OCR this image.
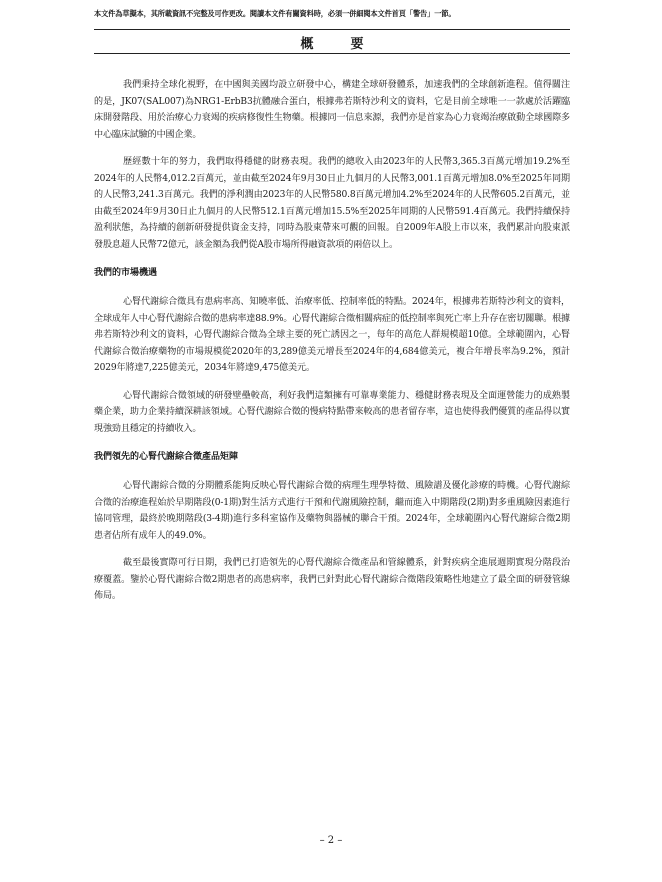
本文件為草擬本，其所載資訊不完整及可作更改。閱讀本文件有關資料時，必須一併細閱本文件首頁「警告」一節。
概　要

我們秉持全球化視野，在中國與美國均設立研發中心，構建全球研發體系，加速我們的全球創新進程。值得關注的是，JK07(SAL007)為NRG1-ErbB3抗體融合蛋白，根據弗若斯特沙利文的資料，它是目前全球唯一一款處於活躍臨床開發階段、用於治療心力衰竭的疾病修復性生物藥。根據同一信息來源，我們亦是首家為心力衰竭治療啟動全球國際多中心臨床試驗的中國企業。

歷經數十年的努力，我們取得穩健的財務表現。我們的總收入由2023年的人民幣3,365.3百萬元增加19.2%至2024年的人民幣4,012.2百萬元，並由截至2024年9月30日止九個月的人民幣3,001.1百萬元增加8.0%至2025年同期的人民幣3,241.3百萬元。我們的淨利潤由2023年的人民幣580.8百萬元增加4.2%至2024年的人民幣605.2百萬元，並由截至2024年9月30日止九個月的人民幣512.1百萬元增加15.5%至2025年同期的人民幣591.4百萬元。我們持續保持盈利狀態，為持續的創新研發提供資金支持，同時為股東帶來可觀的回報。自2009年A股上市以來，我們累計向股東派發股息超人民幣72億元，該金額為我們從A股市場所得融資款項的兩倍以上。

我們的市場機遇

心腎代謝綜合徵具有患病率高、知曉率低、治療率低、控制率低的特點。2024年，根據弗若斯特沙利文的資料，全球成年人中心腎代謝綜合徵的患病率達88.9%。心腎代謝綜合徵相關病症的低控制率與死亡率上升存在密切關聯。根據弗若斯特沙利文的資料，心腎代謝綜合徵為全球主要的死亡誘因之一，每年的高危人群規模超10億。全球範圍內，心腎代謝綜合徵治療藥物的市場規模從2020年的3,289億美元增長至2024年的4,684億美元，複合年增長率為9.2%，預計2029年將達7,225億美元，2034年將達9,475億美元。

心腎代謝綜合徵領域的研發壁壘較高，利好我們這類擁有可靠專業能力、穩健財務表現及全面運營能力的成熟製藥企業，助力企業持續深耕該領域。心腎代謝綜合徵的慢病特點帶來較高的患者留存率，這也使得我們優質的產品得以實現強勁且穩定的持續收入。

我們領先的心腎代謝綜合徵產品矩陣

心腎代謝綜合徵的分期體系能夠反映心腎代謝綜合徵的病理生理學特徵、風險譜及優化診療的時機。心腎代謝綜合徵的治療進程始於早期階段(0-1期)對生活方式進行干預和代謝風險控制，繼而進入中期階段(2期)對多重風險因素進行協同管理，最終於晚期階段(3-4期)進行多科室協作及藥物與器械的聯合干預。2024年，全球範圍內心腎代謝綜合徵2期患者佔所有成年人的49.0%。

截至最後實際可行日期，我們已打造領先的心腎代謝綜合徵產品和管線體系，針對疾病全進展週期實現分階段治療覆蓋。鑒於心腎代謝綜合徵2期患者的高患病率，我們已針對此心腎代謝綜合徵階段策略性地建立了最全面的研發管線佈局。

– 2 –
